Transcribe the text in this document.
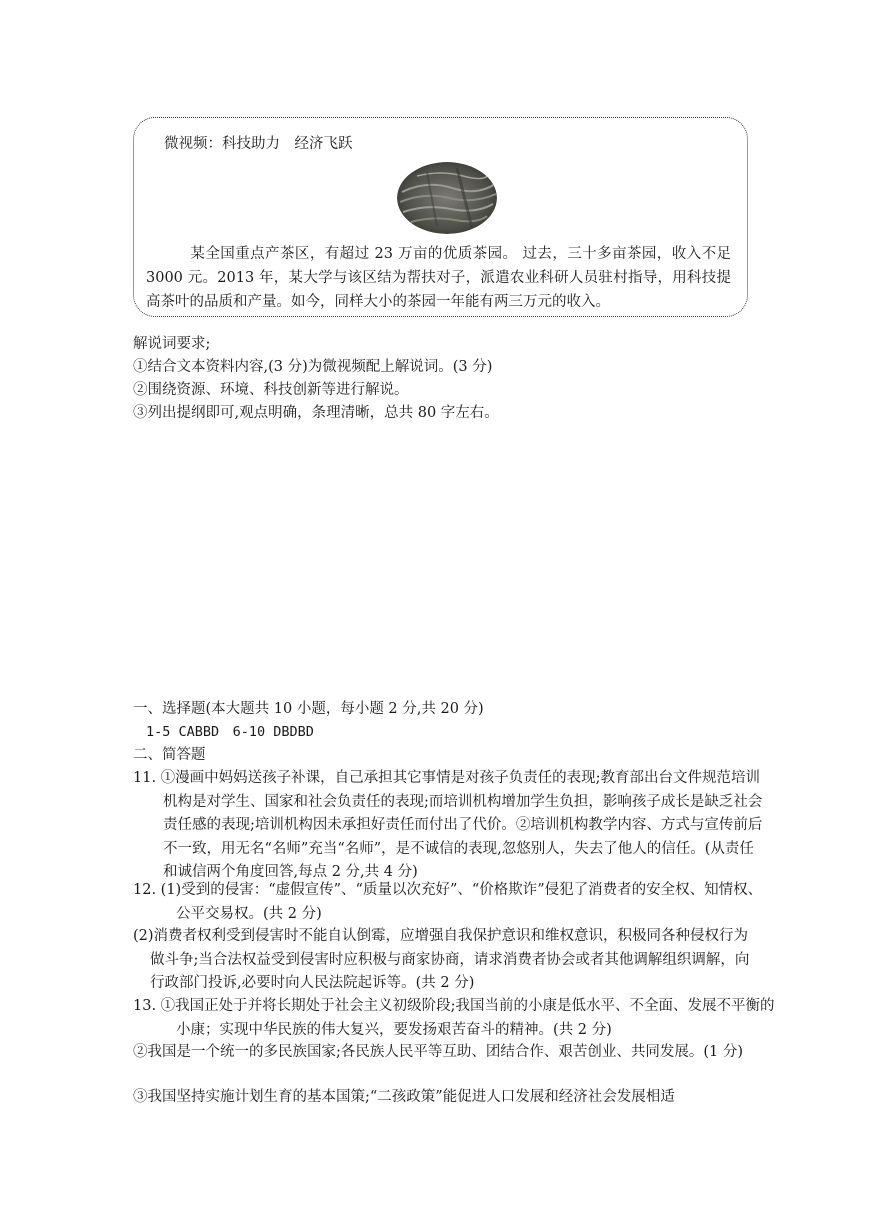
微视频：科技助力　经济飞跃
某全国重点产茶区，有超过 23 万亩的优质茶园。 过去，三十多亩茶园，收入不足 3000 元。2013 年，某大学与该区结为帮扶对子，派遣农业科研人员驻村指导，用科技提高茶叶的品质和产量。如今，同样大小的茶园一年能有两三万元的收入。
解说词要求;
①结合文本资料内容,(3 分)为微视频配上解说词。(3 分)
②围绕资源、环境、科技创新等进行解说。
③列出提纲即可,观点明确，条理清晰，总共 80 字左右。
一、选择题(本大题共 10 小题，每小题 2 分,共 20 分)
1-5 CABBD　6-10 DBDBD
二、简答题
11. ①漫画中妈妈送孩子补课，自己承担其它事情是对孩子负责任的表现;教育部出台文件规范培训机构是对学生、国家和社会负责任的表现;而培训机构增加学生负担，影响孩子成长是缺乏社会责任感的表现;培训机构因未承担好责任而付出了代价。②培训机构教学内容、方式与宣传前后不一致，用无名“名师”充当“名师”，是不诚信的表现,忽悠别人，失去了他人的信任。(从责任和诚信两个角度回答,每点 2 分,共 4 分)
12. (1)受到的侵害：“虚假宣传”、“质量以次充好”、“价格欺诈”侵犯了消费者的安全权、知情权、公平交易权。(共 2 分)
(2)消费者权利受到侵害时不能自认倒霉，应增强自我保护意识和维权意识，积极同各种侵权行为做斗争;当合法权益受到侵害时应积极与商家协商，请求消费者协会或者其他调解组织调解，向行政部门投诉,必要时向人民法院起诉等。(共 2 分)
13. ①我国正处于并将长期处于社会主义初级阶段;我国当前的小康是低水平、不全面、发展不平衡的小康；实现中华民族的伟大复兴，要发扬艰苦奋斗的精神。(共 2 分)
②我国是一个统一的多民族国家;各民族人民平等互助、团结合作、艰苦创业、共同发展。(1 分)
③我国坚持实施计划生育的基本国策;“二孩政策”能促进人口发展和经济社会发展相适
